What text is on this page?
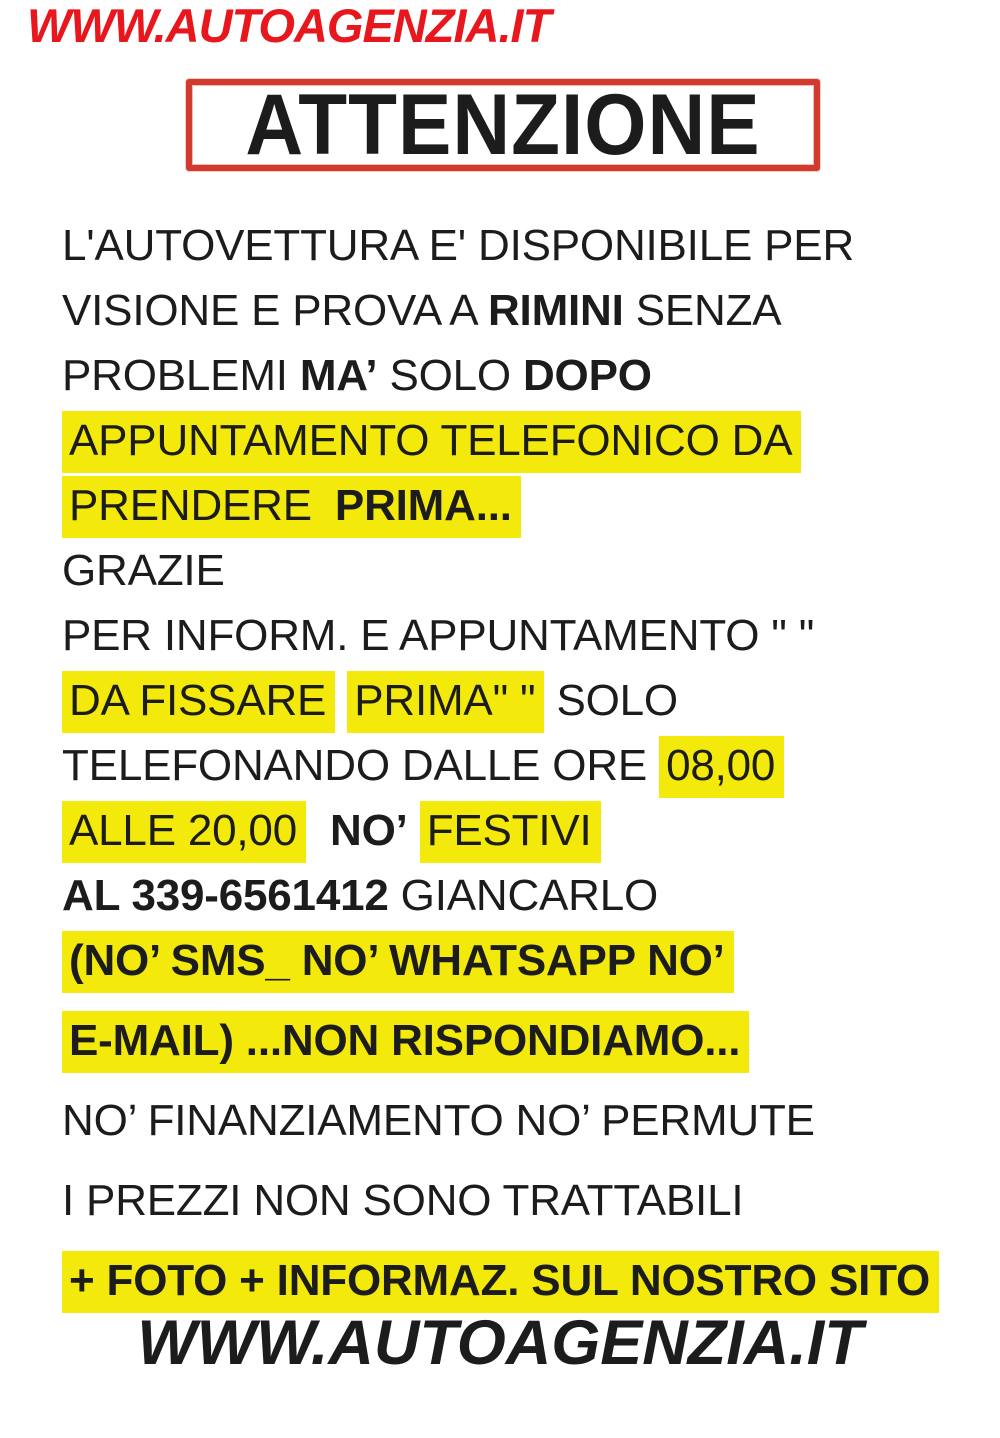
WWW.AUTOAGENZIA.IT
ATTENZIONE
L'AUTOVETTURA E' DISPONIBILE PER
VISIONE E PROVA A RIMINI SENZA
PROBLEMI MA’ SOLO DOPO
APPUNTAMENTO TELEFONICO DA
PRENDERE PRIMA...
GRAZIE
PER INFORM. E APPUNTAMENTO " "
DA FISSARE PRIMA" " SOLO
TELEFONANDO DALLE ORE 08,00
ALLE 20,00 NO’ FESTIVI
AL 339-6561412 GIANCARLO
(NO’ SMS_ NO’ WHATSAPP NO’
E-MAIL) ...NON RISPONDIAMO...
NO’ FINANZIAMENTO NO’ PERMUTE
I PREZZI NON SONO TRATTABILI
+ FOTO + INFORMAZ. SUL NOSTRO SITO
WWW.AUTOAGENZIA.IT
